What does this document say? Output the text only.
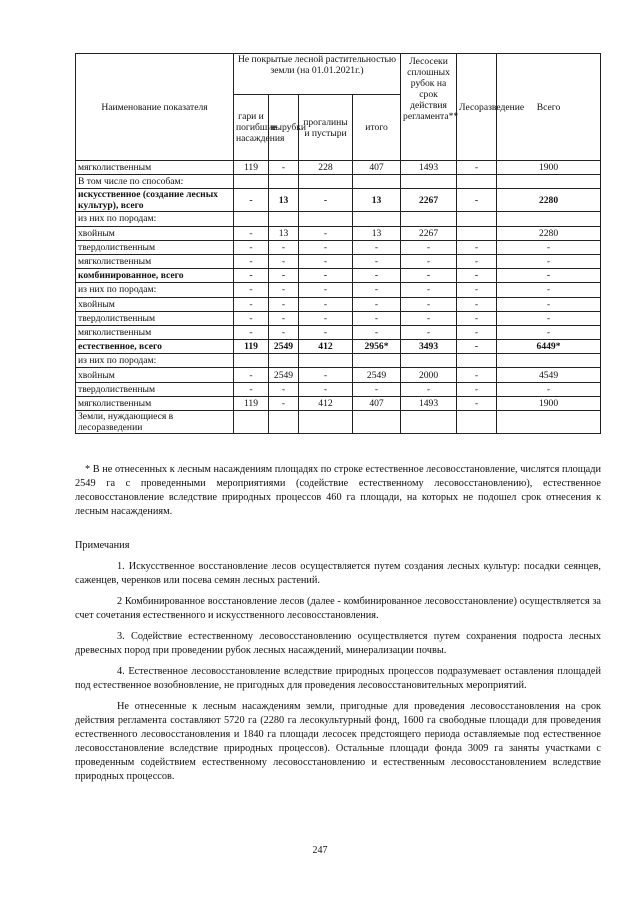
Наименование показателя	Не покрытые лесной растительностью земли (на 01.01.2021г.)				Лесосеки сплошных рубок на срок действия регламента**	Лесоразведение	Всего
	гари и погибшие насаждения	вырубки	прогалины и пустыри	итого			
мягколиственным	119	-	228	407	1493	-	1900
В том числе по способам:							
искусственное (создание лесных культур), всего	-	13	-	13	2267	-	2280
из них по породам:							
хвойным	-	13	-	13	2267		2280
твердолиственным	-	-	-	-	-	-	-
мягколиственным	-	-	-	-	-	-	-
комбинированное, всего	-	-	-	-	-	-	-
из них по породам:	-	-	-	-	-	-	-
хвойным	-	-	-	-	-	-	-
твердолиственным	-	-	-	-	-	-	-
мягколиственным	-	-	-	-	-	-	-
естественное, всего	119	2549	412	2956*	3493	-	6449*
из них по породам:							
хвойным	-	2549	-	2549	2000	-	4549
твердолиственным	-	-	-	-	-	-	-
мягколиственным	119	-	412	407	1493	-	1900
Земли, нуждающиеся в лесоразведении							

* В не отнесенных к лесным насаждениям площадях по строке естественное лесовосстановление, числятся площади 2549 га с проведенными мероприятиями (содействие естественному лесовосстановлению), естественное лесовосстановление вследствие природных процессов 460 га площади, на которых не подошел срок отнесения к лесным насаждениям.

Примечания

1. Искусственное восстановление лесов осуществляется путем создания лесных культур: посадки сеянцев, саженцев, черенков или посева семян лесных растений.

2 Комбинированное восстановление лесов (далее - комбинированное лесовосстановление) осуществляется за счет сочетания естественного и искусственного лесовосстановления.

3. Содействие естественному лесовосстановлению осуществляется путем сохранения подроста лесных древесных пород при проведении рубок лесных насаждений, минерализации почвы.

4. Естественное лесовосстановление вследствие природных процессов подразумевает оставления площадей под естественное возобновление, не пригодных для проведения лесовосстановительных мероприятий.

Не отнесенные к лесным насаждениям земли, пригодные для проведения лесовосстановления на срок действия регламента составляют 5720 га (2280 га лесокультурный фонд, 1600 га свободные площади для проведения естественного лесовосстановления и 1840 га площади лесосек предстоящего периода оставляемые под естественное лесовосстановление вследствие природных процессов). Остальные площади фонда 3009 га заняты участками с проведенным содействием естественному лесовосстановлению и естественным лесовосстановлением вследствие природных процессов.

247
